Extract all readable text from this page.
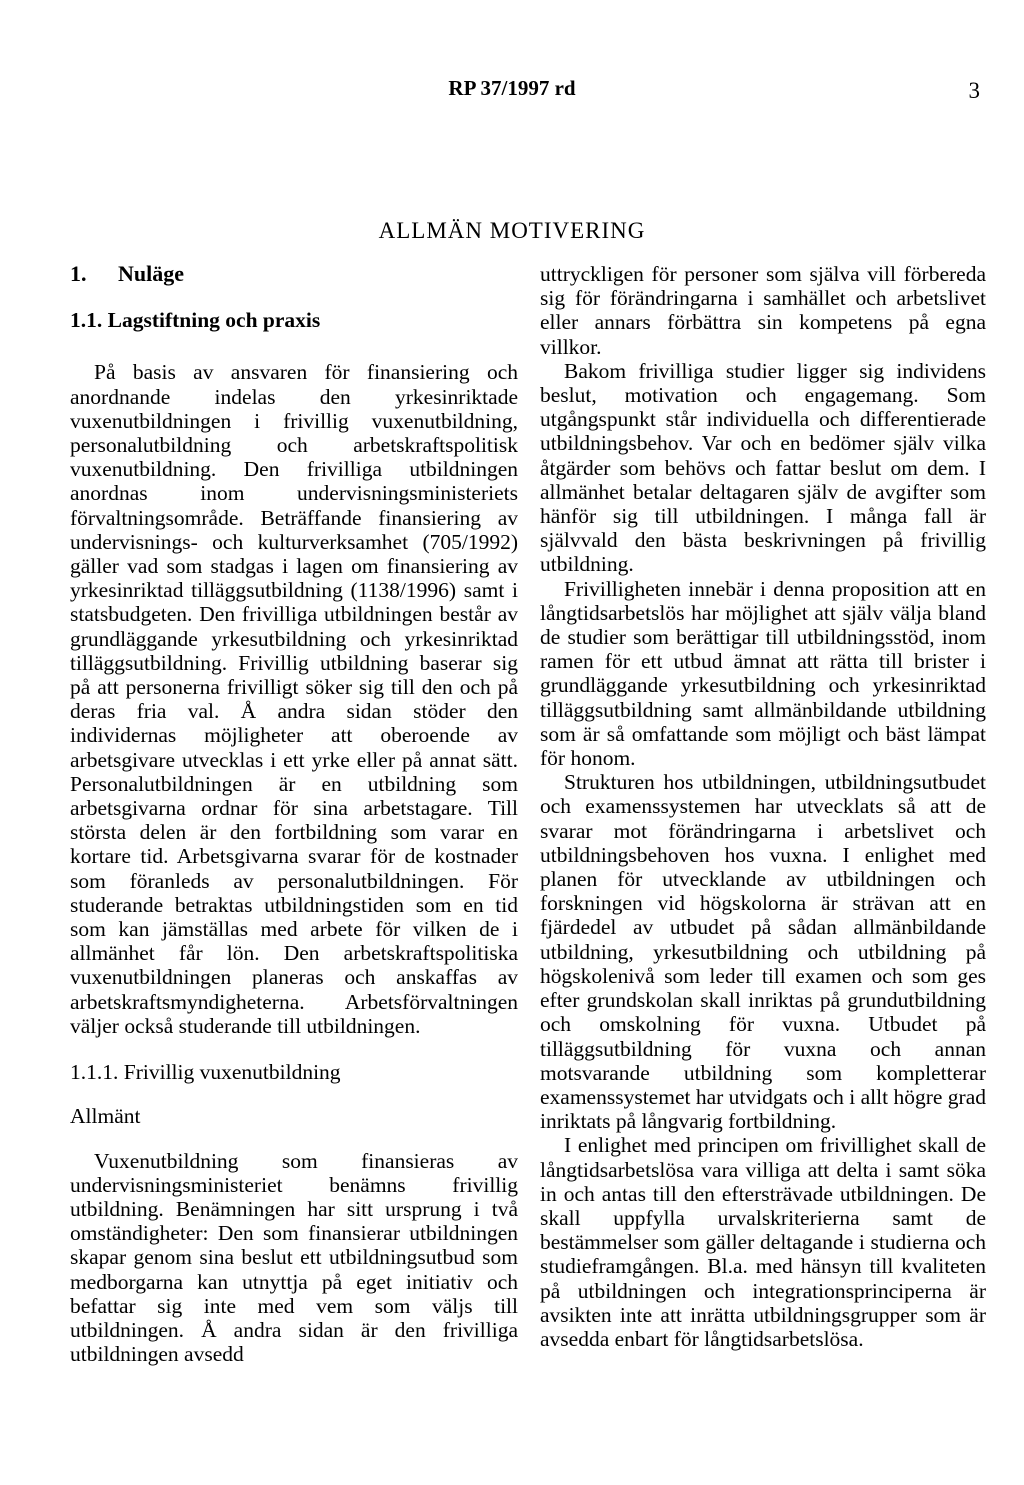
RP 37/1997 rd	3
ALLMÄN MOTIVERING
1. Nuläge
1.1. Lagstiftning och praxis

På basis av ansvaren för finansiering och anordnande indelas den yrkesinriktade vuxenutbildningen i frivillig vuxenutbildning, personalutbildning och arbetskraftspolitisk vuxenutbildning. Den frivilliga utbildningen anordnas inom undervisningsministeriets förvaltningsområde. Beträffande finansiering av undervisnings- och kulturverksamhet (705/1992) gäller vad som stadgas i lagen om finansiering av yrkesinriktad tilläggsutbildning (1138/1996) samt i statsbudgeten. Den frivilliga utbildningen består av grundläggande yrkesutbildning och yrkesinriktad tilläggsutbildning. Frivillig utbildning baserar sig på att personerna frivilligt söker sig till den och på deras fria val. Å andra sidan stöder den individernas möjligheter att oberoende av arbetsgivare utvecklas i ett yrke eller på annat sätt. Personalutbildningen är en utbildning som arbetsgivarna ordnar för sina arbetstagare. Till största delen är den fortbildning som varar en kortare tid. Arbetsgivarna svarar för de kostnader som föranleds av personalutbildningen. För studerande betraktas utbildningstiden som en tid som kan jämställas med arbete för vilken de i allmänhet får lön. Den arbetskraftspolitiska vuxenutbildningen planeras och anskaffas av arbetskraftsmyndigheterna. Arbetsförvaltningen väljer också studerande till utbildningen.

1.1.1. Frivillig vuxenutbildning
Allmänt

Vuxenutbildning som finansieras av undervisningsministeriet benämns frivillig utbildning. Benämningen har sitt ursprung i två omständigheter: Den som finansierar utbildningen skapar genom sina beslut ett utbildningsutbud som medborgarna kan utnyttja på eget initiativ och befattar sig inte med vem som väljs till utbildningen. Å andra sidan är den frivilliga utbildningen avsedd

uttryckligen för personer som själva vill förbereda sig för förändringarna i samhället och arbetslivet eller annars förbättra sin kompetens på egna villkor.

Bakom frivilliga studier ligger sig individens beslut, motivation och engagemang. Som utgångspunkt står individuella och differentierade utbildningsbehov. Var och en bedömer själv vilka åtgärder som behövs och fattar beslut om dem. I allmänhet betalar deltagaren själv de avgifter som hänför sig till utbildningen. I många fall är självvald den bästa beskrivningen på frivillig utbildning.

Frivilligheten innebär i denna proposition att en långtidsarbetslös har möjlighet att själv välja bland de studier som berättigar till utbildningsstöd, inom ramen för ett utbud ämnat att rätta till brister i grundläggande yrkesutbildning och yrkesinriktad tilläggsutbildning samt allmänbildande utbildning som är så omfattande som möjligt och bäst lämpat för honom.

Strukturen hos utbildningen, utbildningsutbudet och examenssystemen har utvecklats så att de svarar mot förändringarna i arbetslivet och utbildningsbehoven hos vuxna. I enlighet med planen för utvecklande av utbildningen och forskningen vid högskolorna är strävan att en fjärdedel av utbudet på sådan allmänbildande utbildning, yrkesutbildning och utbildning på högskolenivå som leder till examen och som ges efter grundskolan skall inriktas på grundutbildning och omskolning för vuxna. Utbudet på tilläggsutbildning för vuxna och annan motsvarande utbildning som kompletterar examenssystemet har utvidgats och i allt högre grad inriktats på långvarig fortbildning.

I enlighet med principen om frivillighet skall de långtidsarbetslösa vara villiga att delta i samt söka in och antas till den eftersträvade utbildningen. De skall uppfylla urvalskriterierna samt de bestämmelser som gäller deltagande i studierna och studieframgången. Bl.a. med hänsyn till kvaliteten på utbildningen och integrationsprinciperna är avsikten inte att inrätta utbildningsgrupper som är avsedda enbart för långtidsarbetslösa.
